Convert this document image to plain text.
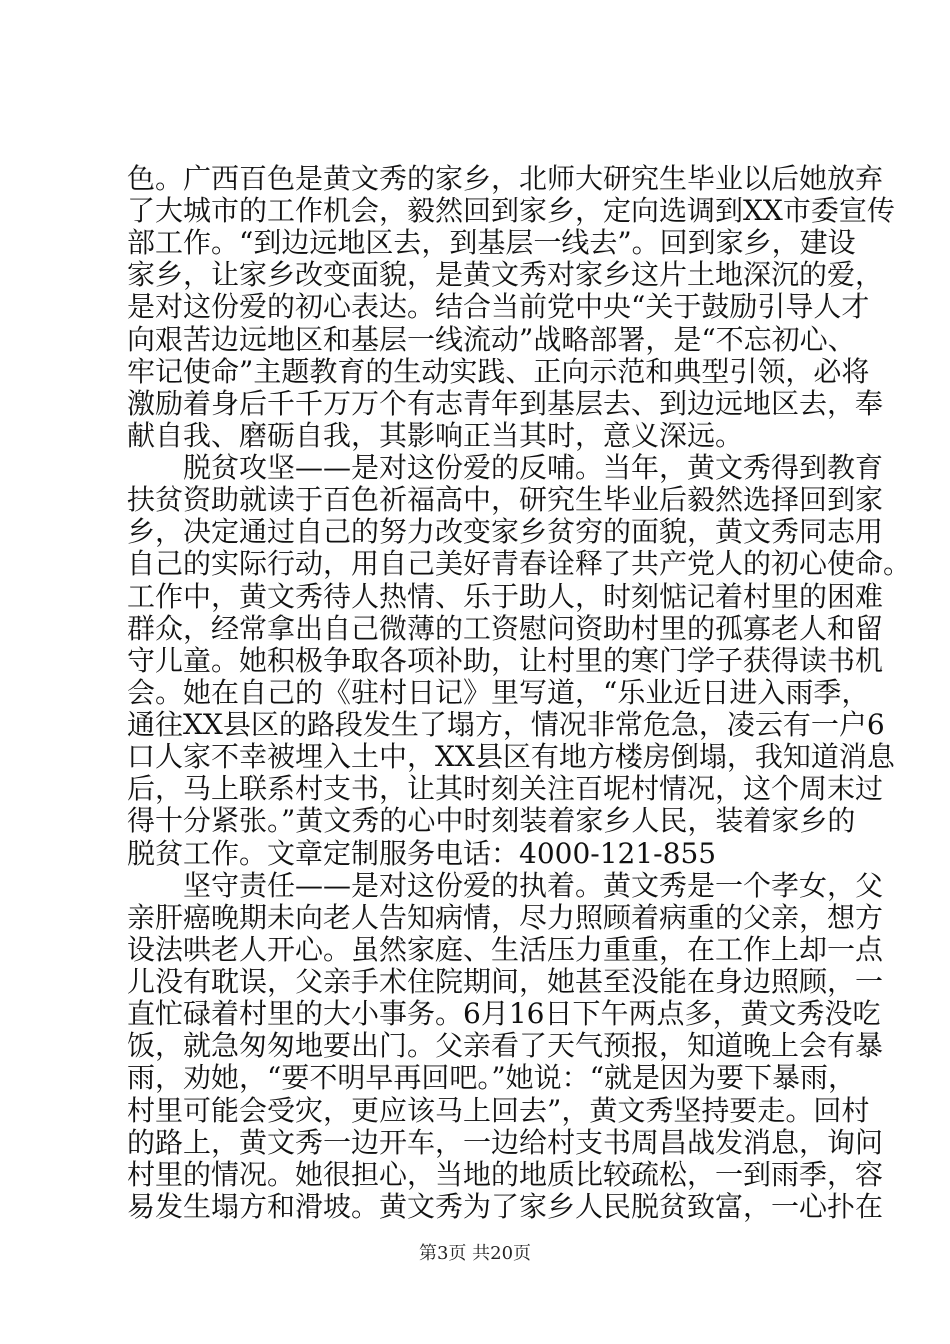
色。广西百色是黄文秀的家乡，北师大研究生毕业以后她放弃
了大城市的工作机会，毅然回到家乡，定向选调到XX市委宣传
部工作。“到边远地区去，到基层一线去”。回到家乡，建设
家乡，让家乡改变面貌，是黄文秀对家乡这片土地深沉的爱，
是对这份爱的初心表达。结合当前党中央“关于鼓励引导人才
向艰苦边远地区和基层一线流动”战略部署，是“不忘初心、
牢记使命”主题教育的生动实践、正向示范和典型引领，必将
激励着身后千千万万个有志青年到基层去、到边远地区去，奉
献自我、磨砺自我，其影响正当其时，意义深远。
脱贫攻坚——是对这份爱的反哺。当年，黄文秀得到教育
扶贫资助就读于百色祈福高中，研究生毕业后毅然选择回到家
乡，决定通过自己的努力改变家乡贫穷的面貌，黄文秀同志用
自己的实际行动，用自己美好青春诠释了共产党人的初心使命。
工作中，黄文秀待人热情、乐于助人，时刻惦记着村里的困难
群众，经常拿出自己微薄的工资慰问资助村里的孤寡老人和留
守儿童。她积极争取各项补助，让村里的寒门学子获得读书机
会。她在自己的《驻村日记》里写道，“乐业近日进入雨季，
通往XX县区的路段发生了塌方，情况非常危急，凌云有一户6
口人家不幸被埋入土中，XX县区有地方楼房倒塌，我知道消息
后，马上联系村支书，让其时刻关注百坭村情况，这个周末过
得十分紧张。”黄文秀的心中时刻装着家乡人民，装着家乡的
脱贫工作。文章定制服务电话：4000-121-855
坚守责任——是对这份爱的执着。黄文秀是一个孝女，父
亲肝癌晚期未向老人告知病情，尽力照顾着病重的父亲，想方
设法哄老人开心。虽然家庭、生活压力重重，在工作上却一点
儿没有耽误，父亲手术住院期间，她甚至没能在身边照顾，一
直忙碌着村里的大小事务。6月16日下午两点多，黄文秀没吃
饭，就急匆匆地要出门。父亲看了天气预报，知道晚上会有暴
雨，劝她，“要不明早再回吧。”她说：“就是因为要下暴雨，
村里可能会受灾，更应该马上回去”，黄文秀坚持要走。回村
的路上，黄文秀一边开车，一边给村支书周昌战发消息，询问
村里的情况。她很担心，当地的地质比较疏松，一到雨季，容
易发生塌方和滑坡。黄文秀为了家乡人民脱贫致富，一心扑在
第3页 共20页
